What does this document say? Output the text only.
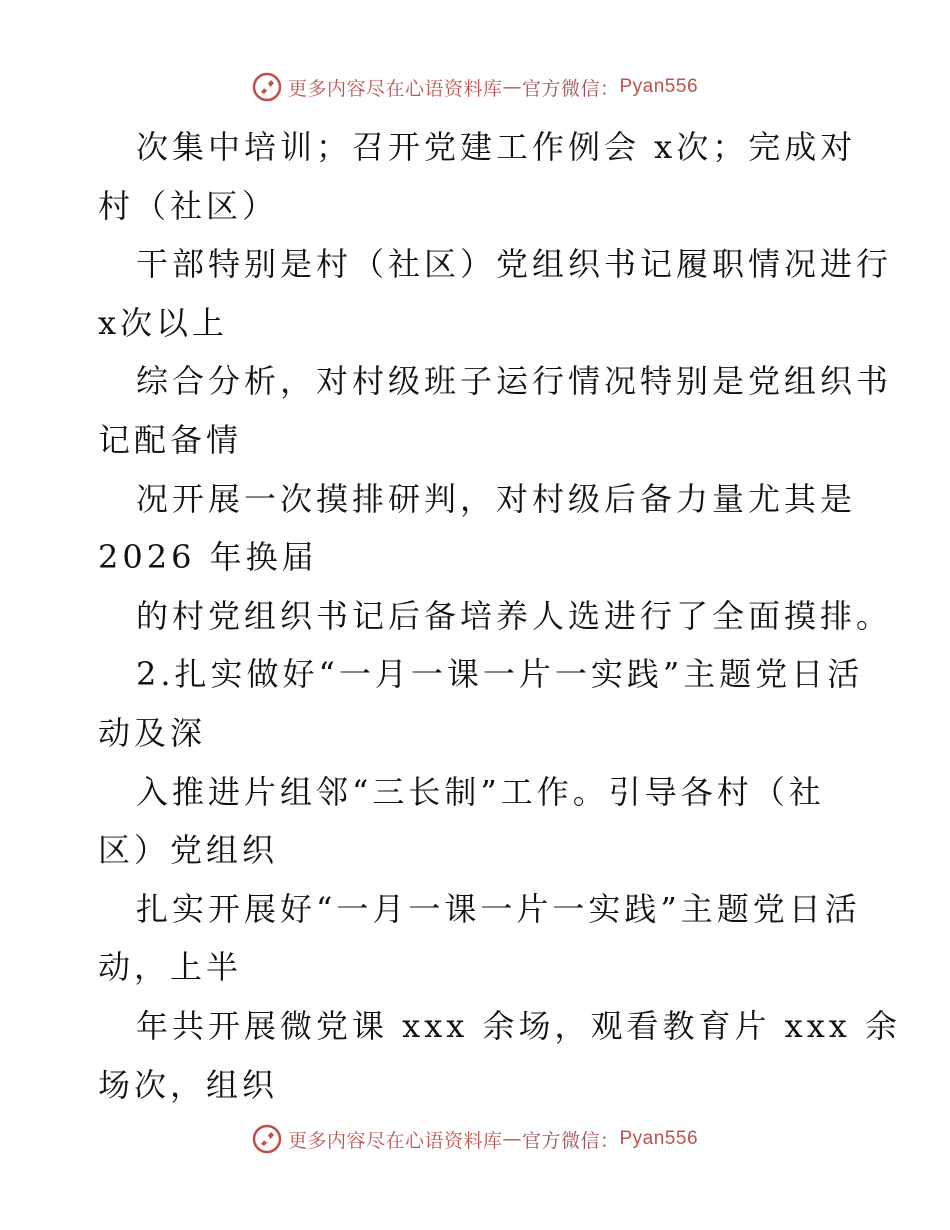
更多内容尽在心语资料库 — 官方微信： Pyan556
次集中培训；召开党建工作例会 x次；完成对
村（社区）
干部特别是村（社区）党组织书记履职情况进行
x次以上
综合分析，对村级班子运行情况特别是党组织书
记配备情
况开展一次摸排研判，对村级后备力量尤其是
2026 年换届
的村党组织书记后备培养人选进行了全面摸排。
2.扎实做好“一月一课一片一实践”主题党日活
动及深
入推进片组邻“三长制”工作。引导各村（社
区）党组织
扎实开展好“一月一课一片一实践”主题党日活
动，上半
年共开展微党课 xxx 余场，观看教育片 xxx 余
场次，组织
更多内容尽在心语资料库 — 官方微信： Pyan556
